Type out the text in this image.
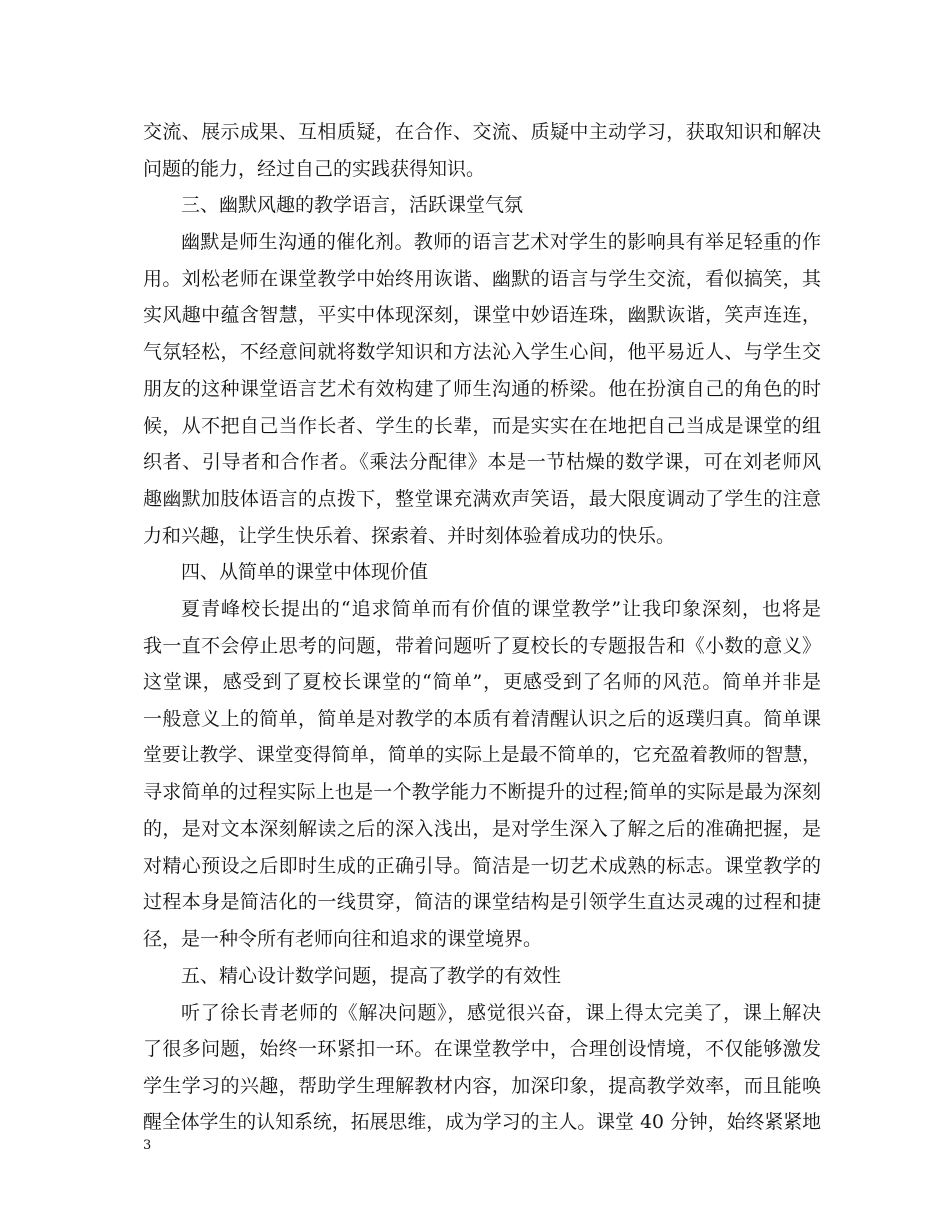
交流、展示成果、互相质疑，在合作、交流、质疑中主动学习，获取知识和解决
问题的能力，经过自己的实践获得知识。
三、幽默风趣的教学语言，活跃课堂气氛
幽默是师生沟通的催化剂。教师的语言艺术对学生的影响具有举足轻重的作
用。刘松老师在课堂教学中始终用诙谐、幽默的语言与学生交流，看似搞笑，其
实风趣中蕴含智慧，平实中体现深刻，课堂中妙语连珠，幽默诙谐，笑声连连，
气氛轻松，不经意间就将数学知识和方法沁入学生心间，他平易近人、与学生交
朋友的这种课堂语言艺术有效构建了师生沟通的桥梁。他在扮演自己的角色的时
候，从不把自己当作长者、学生的长辈，而是实实在在地把自己当成是课堂的组
织者、引导者和合作者。《乘法分配律》本是一节枯燥的数学课，可在刘老师风
趣幽默加肢体语言的点拨下，整堂课充满欢声笑语，最大限度调动了学生的注意
力和兴趣，让学生快乐着、探索着、并时刻体验着成功的快乐。
四、从简单的课堂中体现价值
夏青峰校长提出的“追求简单而有价值的课堂教学”让我印象深刻，也将是
我一直不会停止思考的问题，带着问题听了夏校长的专题报告和《小数的意义》
这堂课，感受到了夏校长课堂的“简单”，更感受到了名师的风范。简单并非是
一般意义上的简单，简单是对教学的本质有着清醒认识之后的返璞归真。简单课
堂要让教学、课堂变得简单，简单的实际上是最不简单的，它充盈着教师的智慧，
寻求简单的过程实际上也是一个教学能力不断提升的过程;简单的实际是最为深刻
的，是对文本深刻解读之后的深入浅出，是对学生深入了解之后的准确把握，是
对精心预设之后即时生成的正确引导。简洁是一切艺术成熟的标志。课堂教学的
过程本身是简洁化的一线贯穿，简洁的课堂结构是引领学生直达灵魂的过程和捷
径，是一种令所有老师向往和追求的课堂境界。
五、精心设计数学问题，提高了教学的有效性
听了徐长青老师的《解决问题》，感觉很兴奋，课上得太完美了，课上解决
了很多问题，始终一环紧扣一环。在课堂教学中，合理创设情境，不仅能够激发
学生学习的兴趣，帮助学生理解教材内容，加深印象，提高教学效率，而且能唤
醒全体学生的认知系统，拓展思维，成为学习的主人。课堂 40 分钟，始终紧紧地
3
